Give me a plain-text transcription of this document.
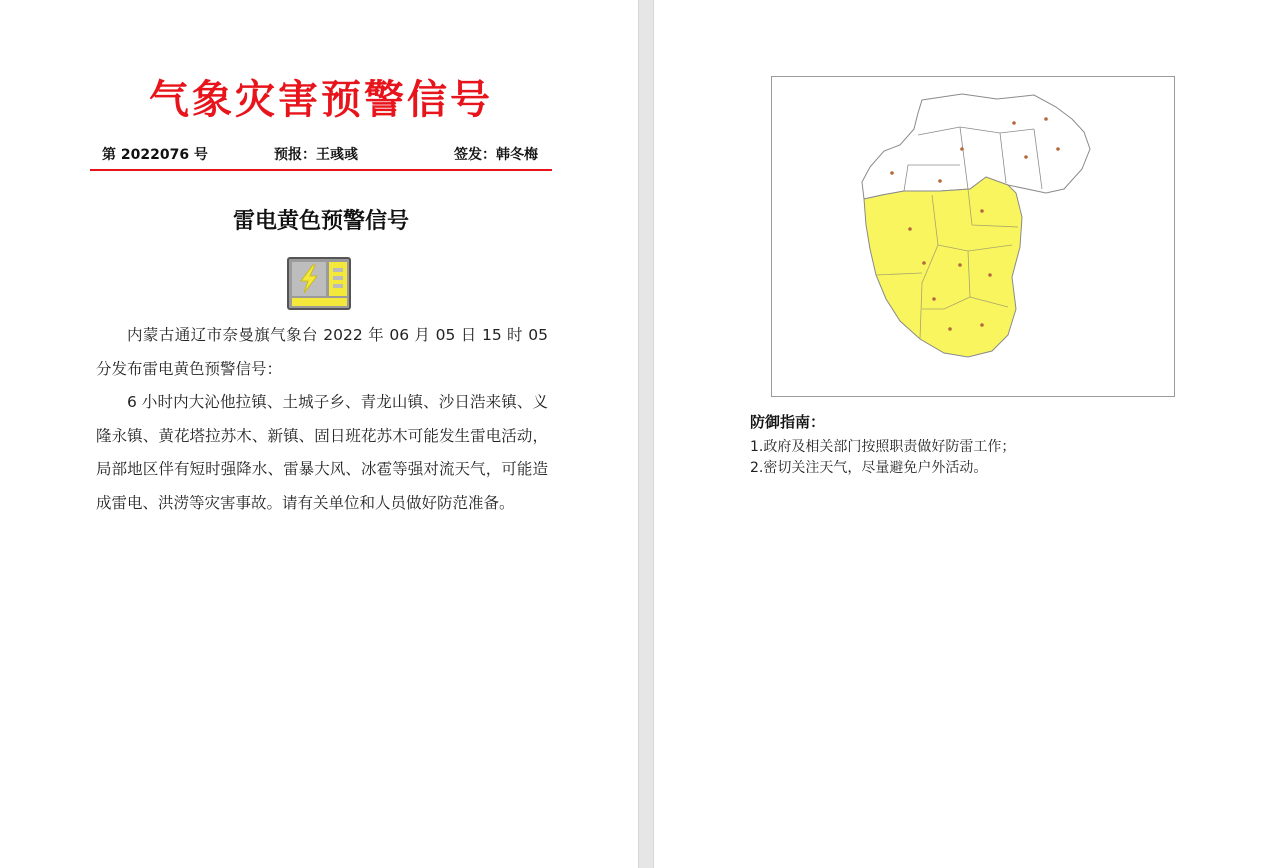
气象灾害预警信号
第 2022076 号	预报：王彧彧	签发：韩冬梅
雷电黄色预警信号

内蒙古通辽市奈曼旗气象台 2022 年 06 月 05 日 15 时 05 分发布雷电黄色预警信号：

6 小时内大沁他拉镇、土城子乡、青龙山镇、沙日浩来镇、义隆永镇、黄花塔拉苏木、新镇、固日班花苏木可能发生雷电活动，局部地区伴有短时强降水、雷暴大风、冰雹等强对流天气，可能造成雷电、洪涝等灾害事故。请有关单位和人员做好防范准备。

防御指南：
1.政府及相关部门按照职责做好防雷工作；
2.密切关注天气，尽量避免户外活动。
